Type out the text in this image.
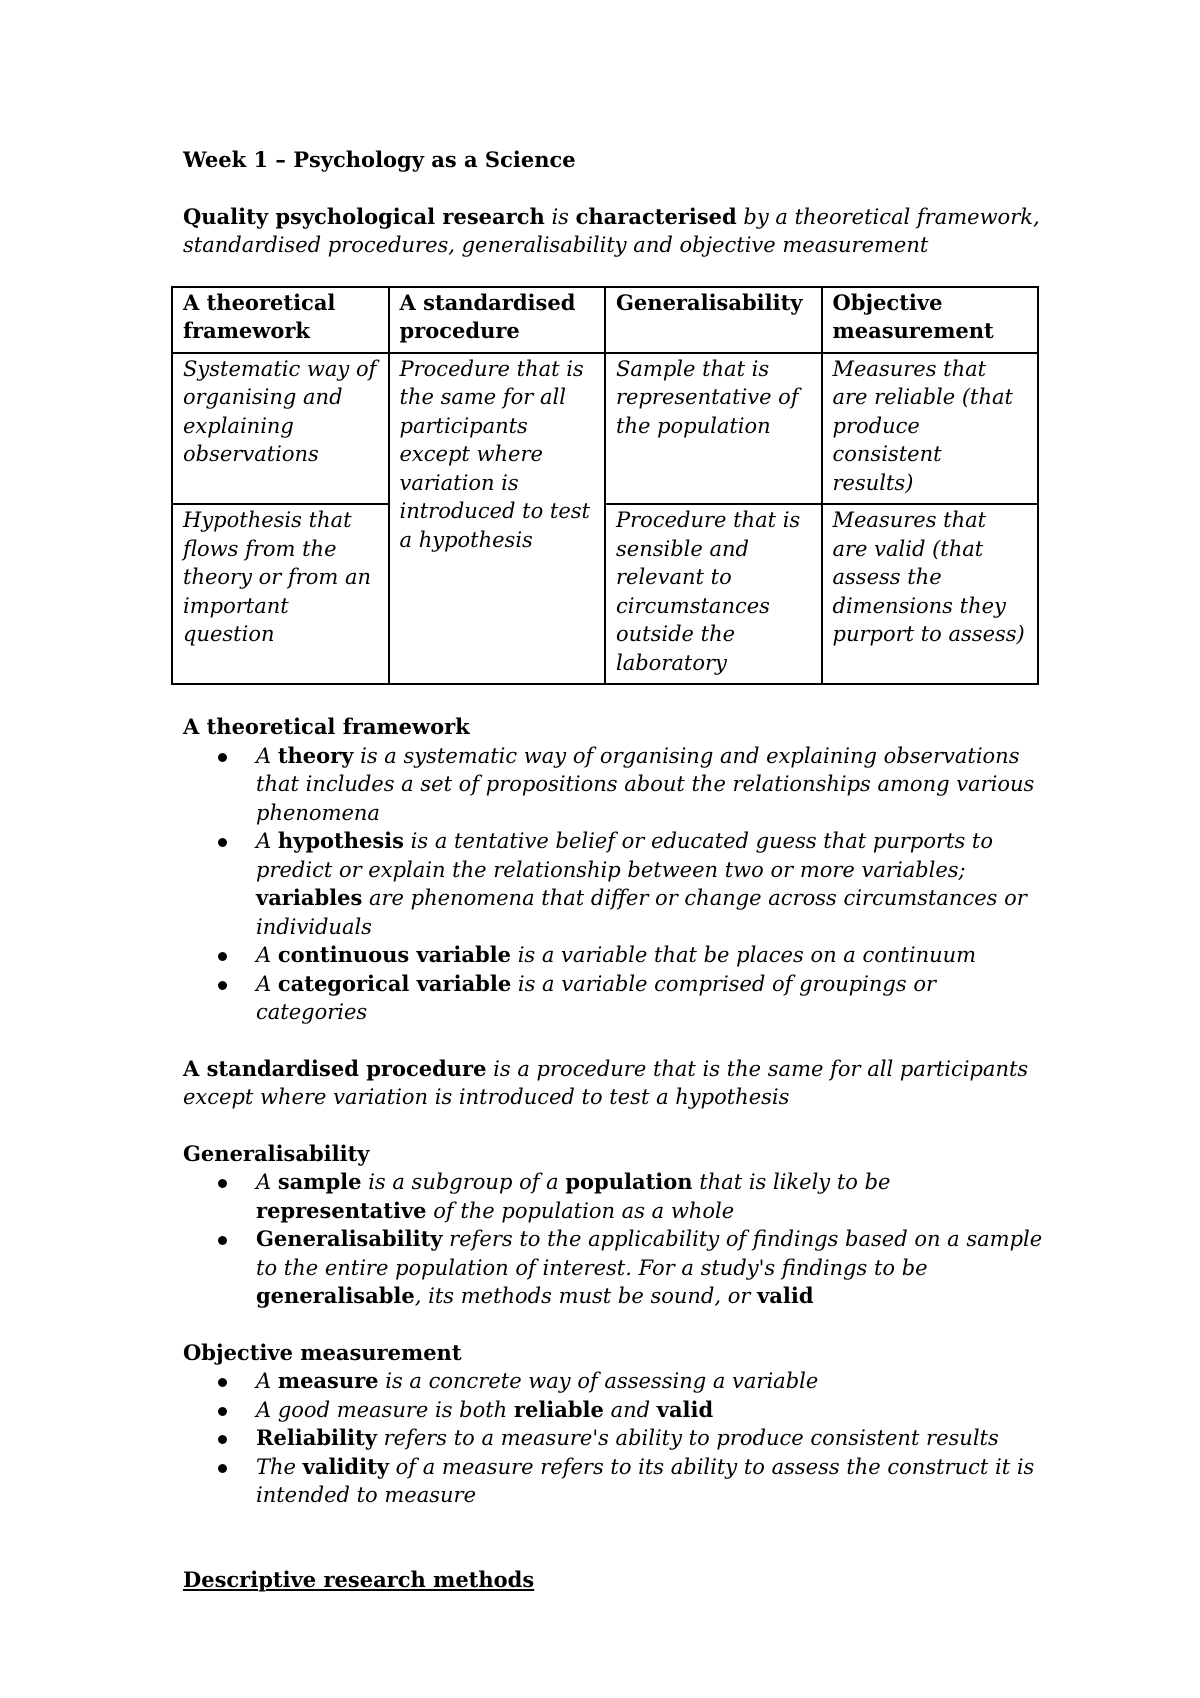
Week 1 – Psychology as a Science

Quality psychological research is characterised by a theoretical framework, standardised procedures, generalisability and objective measurement

A theoretical framework	A standardised procedure	Generalisability	Objective measurement
Systematic way of organising and explaining observations	Procedure that is the same for all participants except where variation is introduced to test a hypothesis	Sample that is representative of the population	Measures that are reliable (that produce consistent results)
Hypothesis that flows from the theory or from an important question		Procedure that is sensible and relevant to circumstances outside the laboratory	Measures that are valid (that assess the dimensions they purport to assess)

A theoretical framework

A theory is a systematic way of organising and explaining observations that includes a set of propositions about the relationships among various phenomena
A hypothesis is a tentative belief or educated guess that purports to predict or explain the relationship between two or more variables; variables are phenomena that differ or change across circumstances or individuals
A continuous variable is a variable that be places on a continuum
A categorical variable is a variable comprised of groupings or categories

A standardised procedure is a procedure that is the same for all participants except where variation is introduced to test a hypothesis

Generalisability

A sample is a subgroup of a population that is likely to be representative of the population as a whole
Generalisability refers to the applicability of findings based on a sample to the entire population of interest. For a study's findings to be generalisable, its methods must be sound, or valid

Objective measurement

A measure is a concrete way of assessing a variable
A good measure is both reliable and valid
Reliability refers to a measure's ability to produce consistent results
The validity of a measure refers to its ability to assess the construct it is intended to measure

Descriptive research methods
